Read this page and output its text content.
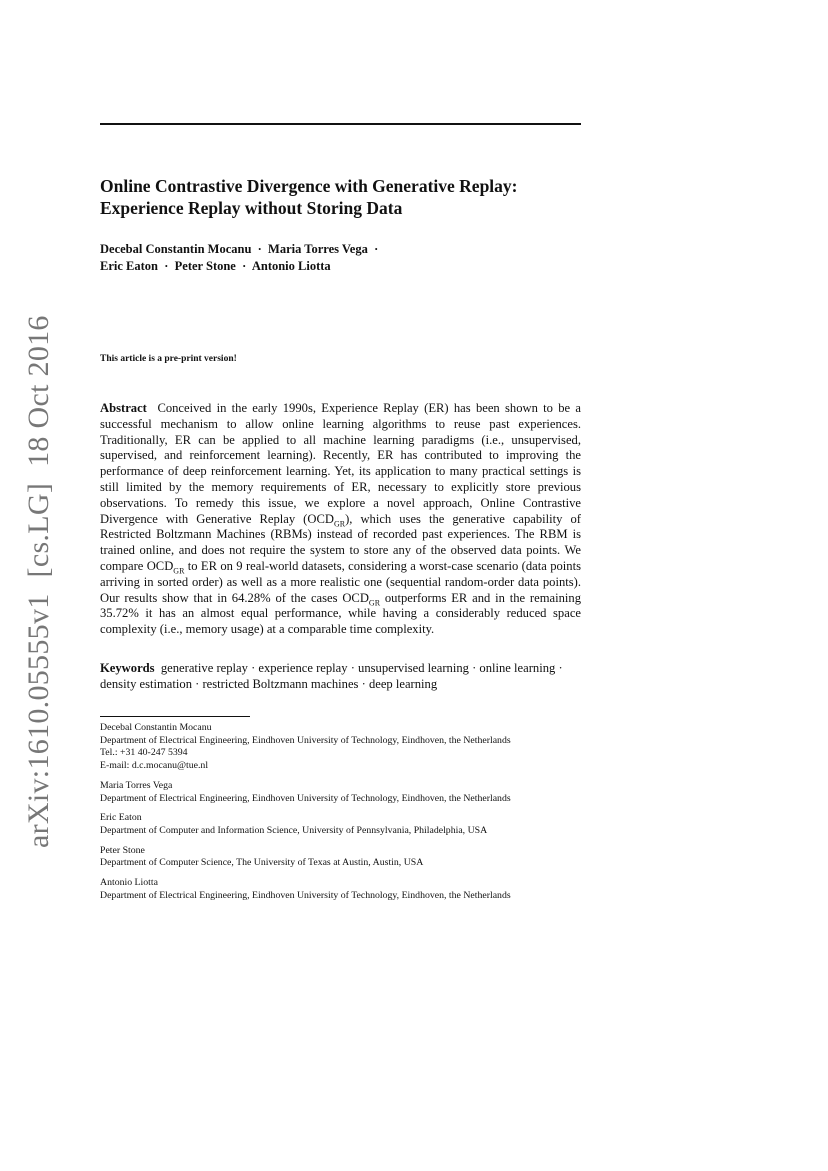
arXiv:1610.05555v1[cs.LG]18 Oct 2016
Online Contrastive Divergence with Generative Replay:
Experience Replay without Storing Data
Decebal Constantin Mocanu  ·  Maria Torres Vega  ·
Eric Eaton  ·  Peter Stone  ·  Antonio Liotta

This article is a pre-print version!

Abstract Conceived in the early 1990s, Experience Replay (ER) has been shown to be a successful mechanism to allow online learning algorithms to reuse past experiences. Traditionally, ER can be applied to all machine learning paradigms (i.e., unsupervised, supervised, and reinforcement learning). Recently, ER has contributed to improving the performance of deep reinforcement learning. Yet, its application to many practical settings is still limited by the memory requirements of ER, necessary to explicitly store previous observations. To remedy this issue, we explore a novel approach, Online Contrastive Divergence with Generative Replay $(OCD_{GR})$, which uses the generative capability of Restricted Boltzmann Machines (RBMs) instead of recorded past experiences. The RBM is trained online, and does not require the system to store any of the observed data points. We compare $OCD_{GR}$ to ER on 9 real-world datasets, considering a worst-case scenario (data points arriving in sorted order) as well as a more realistic one (sequential random-order data points). Our results show that in 64.28% of the cases $OCD_{GR}$ outperforms ER and in the remaining 35.72% it has an almost equal performance, while having a considerably reduced space complexity (i.e., memory usage) at a comparable time complexity.

Keywords generative replay · experience replay · unsupervised learning · online learning · density estimation · restricted Boltzmann machines · deep learning

Decebal Constantin Mocanu
Department of Electrical Engineering, Eindhoven University of Technology, Eindhoven, the Netherlands
Tel.: +31 40-247 5394
E-mail: d.c.mocanu@tue.nl
Maria Torres Vega
Department of Electrical Engineering, Eindhoven University of Technology, Eindhoven, the Netherlands
Eric Eaton
Department of Computer and Information Science, University of Pennsylvania, Philadelphia, USA
Peter Stone
Department of Computer Science, The University of Texas at Austin, Austin, USA
Antonio Liotta
Department of Electrical Engineering, Eindhoven University of Technology, Eindhoven, the Netherlands
